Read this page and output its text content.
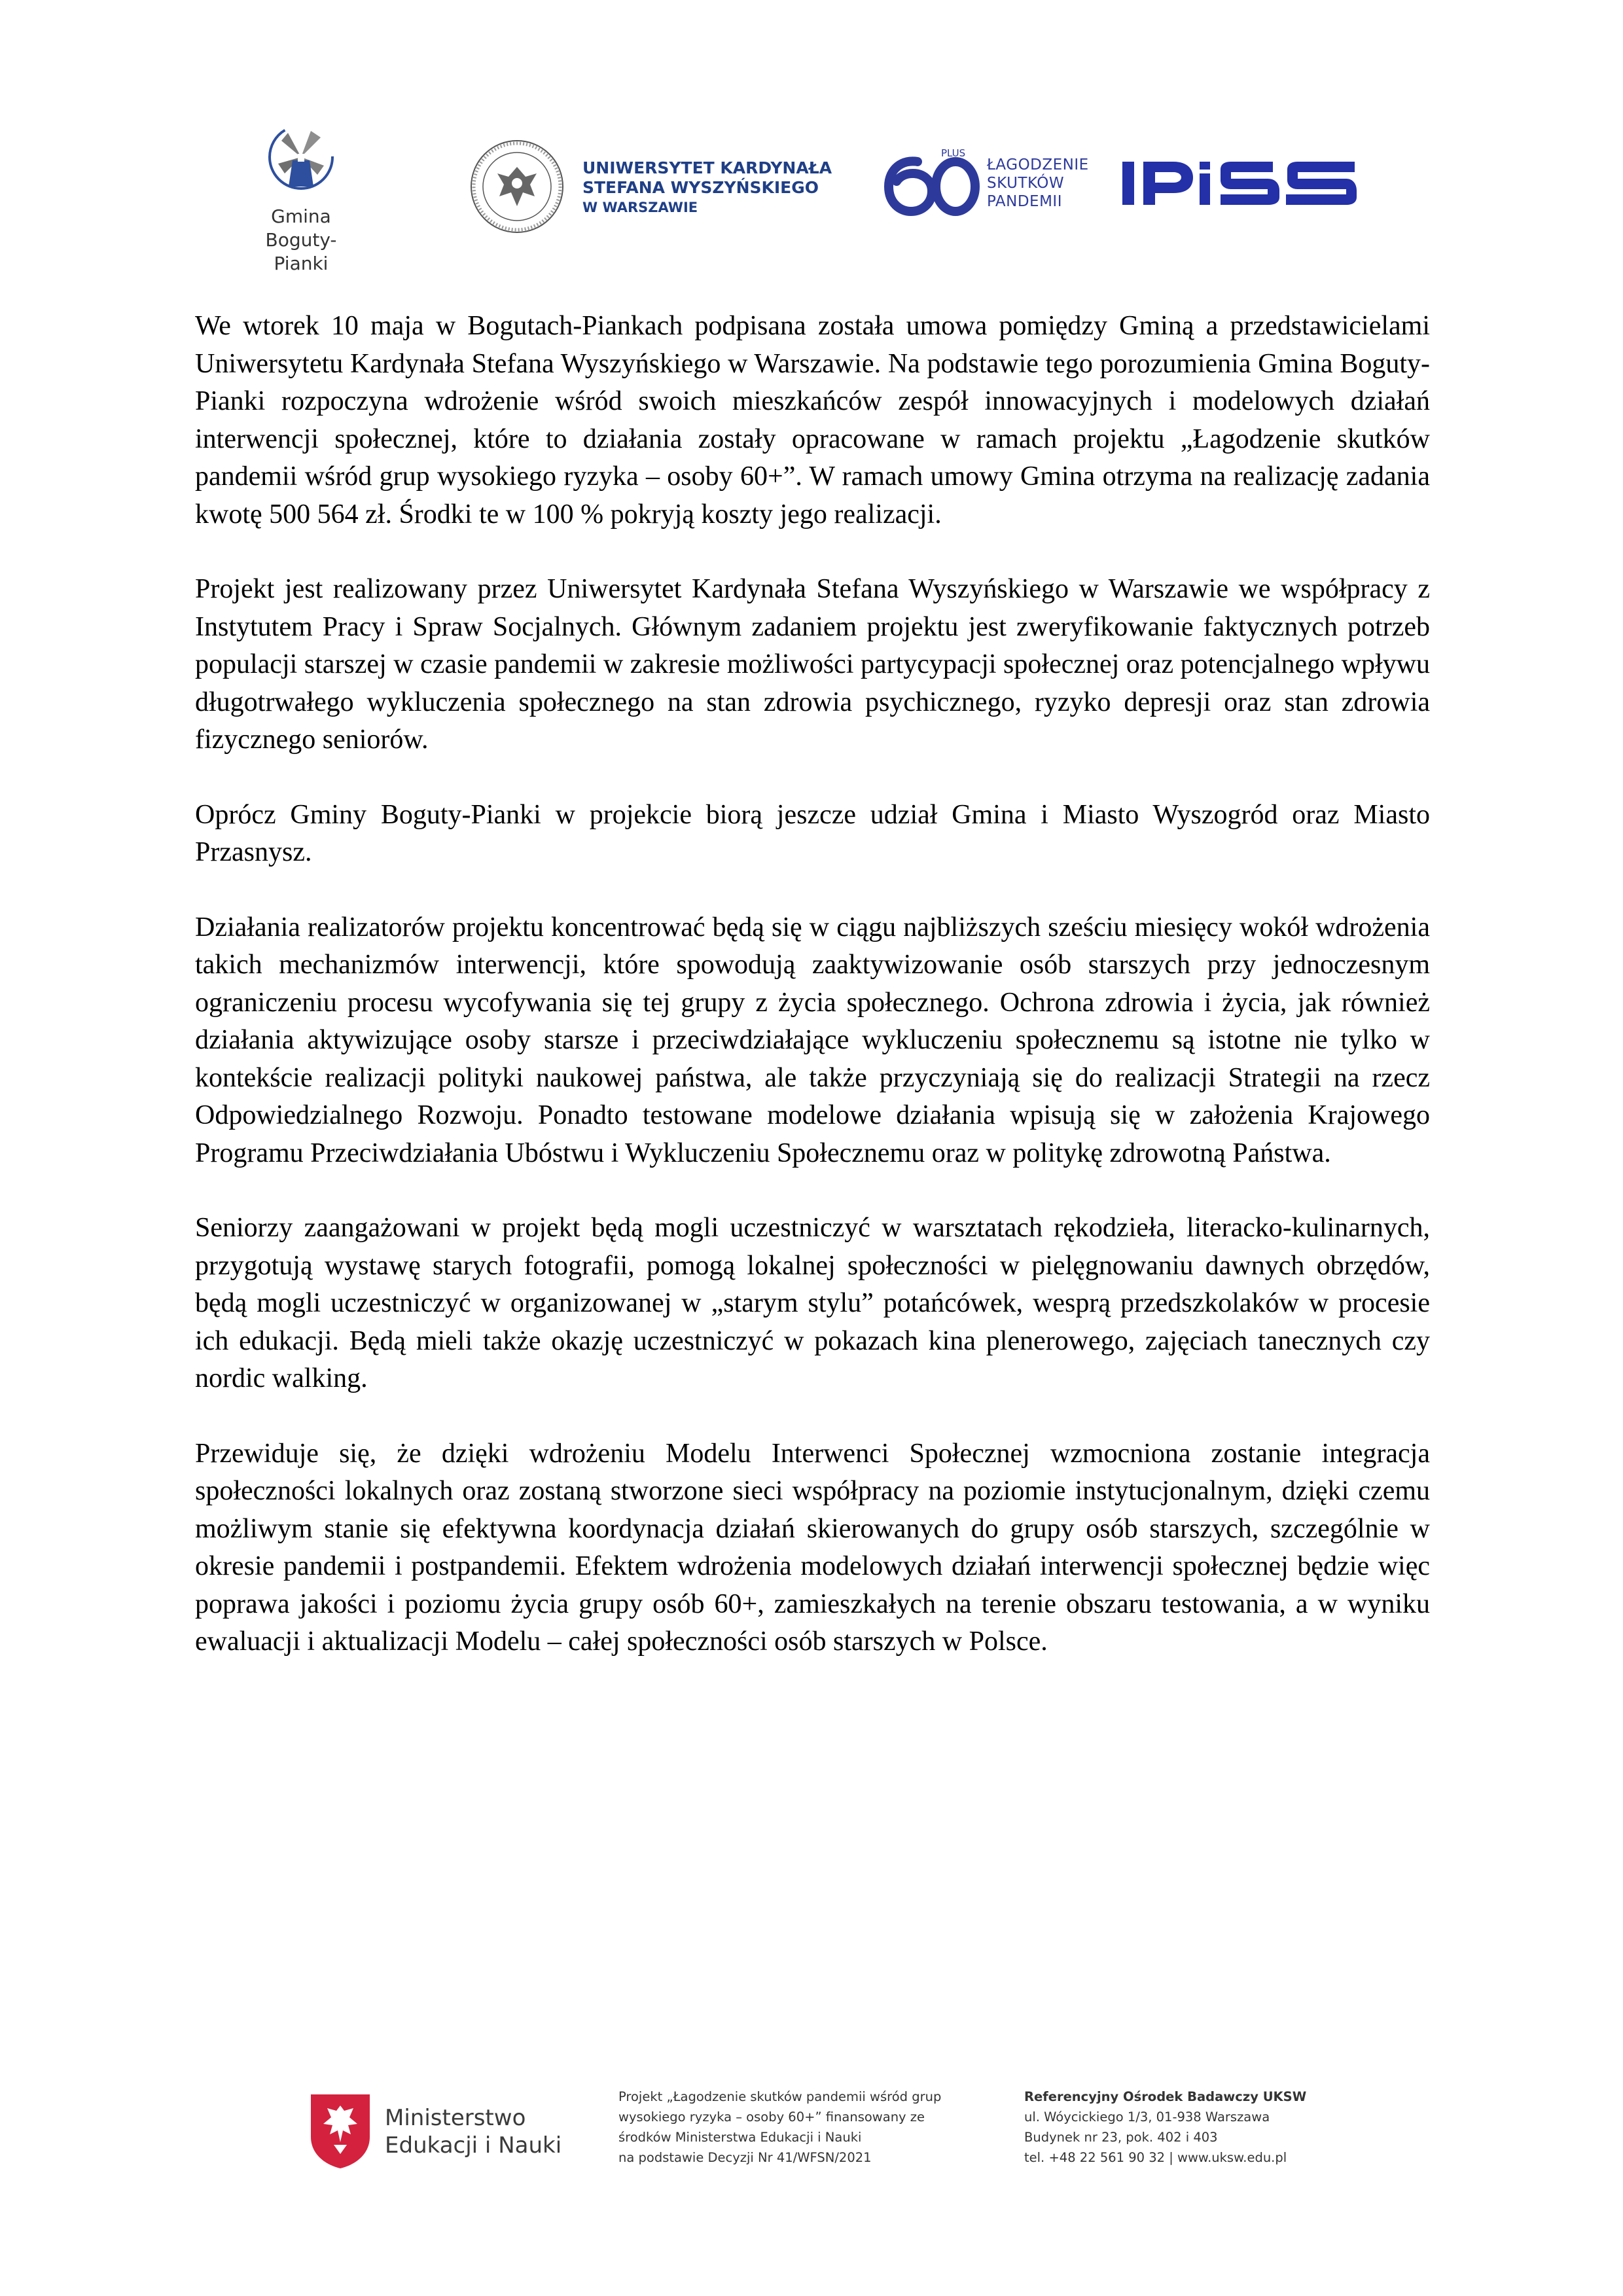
Gmina
Boguty-Pianki
UNIWERSYTET KARDYNAŁA
STEFANA WYSZYŃSKIEGO
W WARSZAWIE
PLUS
ŁAGODZENIE
SKUTKÓW
PANDEMII

We wtorek 10 maja w Bogutach-Piankach podpisana została umowa pomiędzy Gminą a przedstawicielami Uniwersytetu Kardynała Stefana Wyszyńskiego w Warszawie. Na podstawie tego porozumienia Gmina Boguty-Pianki rozpoczyna wdrożenie wśród swoich mieszkańców zespół innowacyjnych i modelowych działań interwencji społecznej, które to działania zostały opracowane w ramach projektu „Łagodzenie skutków pandemii wśród grup wysokiego ryzyka – osoby 60+”. W ramach umowy Gmina otrzyma na realizację zadania kwotę 500 564 zł. Środki te w 100 % pokryją koszty jego realizacji.

Projekt jest realizowany przez Uniwersytet Kardynała Stefana Wyszyńskiego w Warszawie we współpracy z Instytutem Pracy i Spraw Socjalnych. Głównym zadaniem projektu jest zweryfikowanie faktycznych potrzeb populacji starszej w czasie pandemii w zakresie możliwości partycypacji społecznej oraz potencjalnego wpływu długotrwałego wykluczenia społecznego na stan zdrowia psychicznego, ryzyko depresji oraz stan zdrowia fizycznego seniorów.

Oprócz Gminy Boguty-Pianki w projekcie biorą jeszcze udział Gmina i Miasto Wyszogród oraz Miasto Przasnysz.

Działania realizatorów projektu koncentrować będą się w ciągu najbliższych sześciu miesięcy wokół wdrożenia takich mechanizmów interwencji, które spowodują zaaktywizowanie osób starszych przy jednoczesnym ograniczeniu procesu wycofywania się tej grupy z życia społecznego. Ochrona zdrowia i życia, jak również działania aktywizujące osoby starsze i przeciwdziałające wykluczeniu społecznemu są istotne nie tylko w kontekście realizacji polityki naukowej państwa, ale także przyczyniają się do realizacji Strategii na rzecz Odpowiedzialnego Rozwoju. Ponadto testowane modelowe działania wpisują się w założenia Krajowego Programu Przeciwdziałania Ubóstwu i Wykluczeniu Społecznemu oraz w politykę zdrowotną Państwa.

Seniorzy zaangażowani w projekt będą mogli uczestniczyć w warsztatach rękodzieła, literacko-kulinarnych, przygotują wystawę starych fotografii, pomogą lokalnej społeczności w pielęgnowaniu dawnych obrzędów, będą mogli uczestniczyć w organizowanej w „starym stylu” potańcówek, wesprą przedszkolaków w procesie ich edukacji. Będą mieli także okazję uczestniczyć w pokazach kina plenerowego, zajęciach tanecznych czy nordic walking.

Przewiduje się, że dzięki wdrożeniu Modelu Interwenci Społecznej wzmocniona zostanie integracja społeczności lokalnych oraz zostaną stworzone sieci współpracy na poziomie instytucjonalnym, dzięki czemu możliwym stanie się efektywna koordynacja działań skierowanych do grupy osób starszych, szczególnie w okresie pandemii i postpandemii. Efektem wdrożenia modelowych działań interwencji społecznej będzie więc poprawa jakości i poziomu życia grupy osób 60+, zamieszkałych na terenie obszaru testowania, a w wyniku ewaluacji i aktualizacji Modelu – całej społeczności osób starszych w Polsce.

Ministerstwo
Edukacji i Nauki
Projekt „Łagodzenie skutków pandemii wśród grup
wysokiego ryzyka – osoby 60+” finansowany ze
środków Ministerstwa Edukacji i Nauki
na podstawie Decyzji Nr 41/WFSN/2021
Referencyjny Ośrodek Badawczy UKSW
ul. Wóycickiego 1/3, 01-938 Warszawa
Budynek nr 23, pok. 402 i 403
tel. +48 22 561 90 32 | www.uksw.edu.pl
